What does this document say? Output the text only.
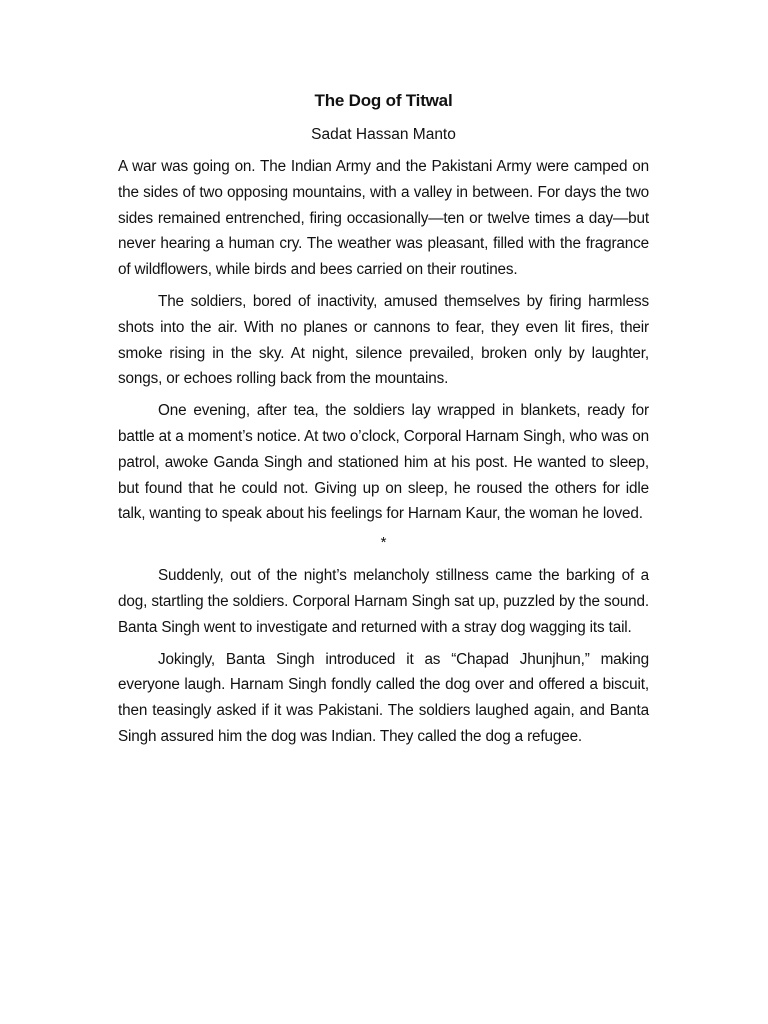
The Dog of Titwal
Sadat Hassan Manto

A war was going on. The Indian Army and the Pakistani Army were camped on the sides of two opposing mountains, with a valley in between. For days the two sides remained entrenched, firing occasionally—ten or twelve times a day—but never hearing a human cry. The weather was pleasant, filled with the fragrance of wildflowers, while birds and bees carried on their routines.

The soldiers, bored of inactivity, amused themselves by firing harmless shots into the air. With no planes or cannons to fear, they even lit fires, their smoke rising in the sky. At night, silence prevailed, broken only by laughter, songs, or echoes rolling back from the mountains.

One evening, after tea, the soldiers lay wrapped in blankets, ready for battle at a moment’s notice. At two o’clock, Corporal Harnam Singh, who was on patrol, awoke Ganda Singh and stationed him at his post. He wanted to sleep, but found that he could not. Giving up on sleep, he roused the others for idle talk, wanting to speak about his feelings for Harnam Kaur, the woman he loved.

*

Suddenly, out of the night’s melancholy stillness came the barking of a dog, startling the soldiers. Corporal Harnam Singh sat up, puzzled by the sound. Banta Singh went to investigate and returned with a stray dog wagging its tail.

Jokingly, Banta Singh introduced it as “Chapad Jhunjhun,” making everyone laugh. Harnam Singh fondly called the dog over and offered a biscuit, then teasingly asked if it was Pakistani. The soldiers laughed again, and Banta Singh assured him the dog was Indian. They called the dog a refugee.
